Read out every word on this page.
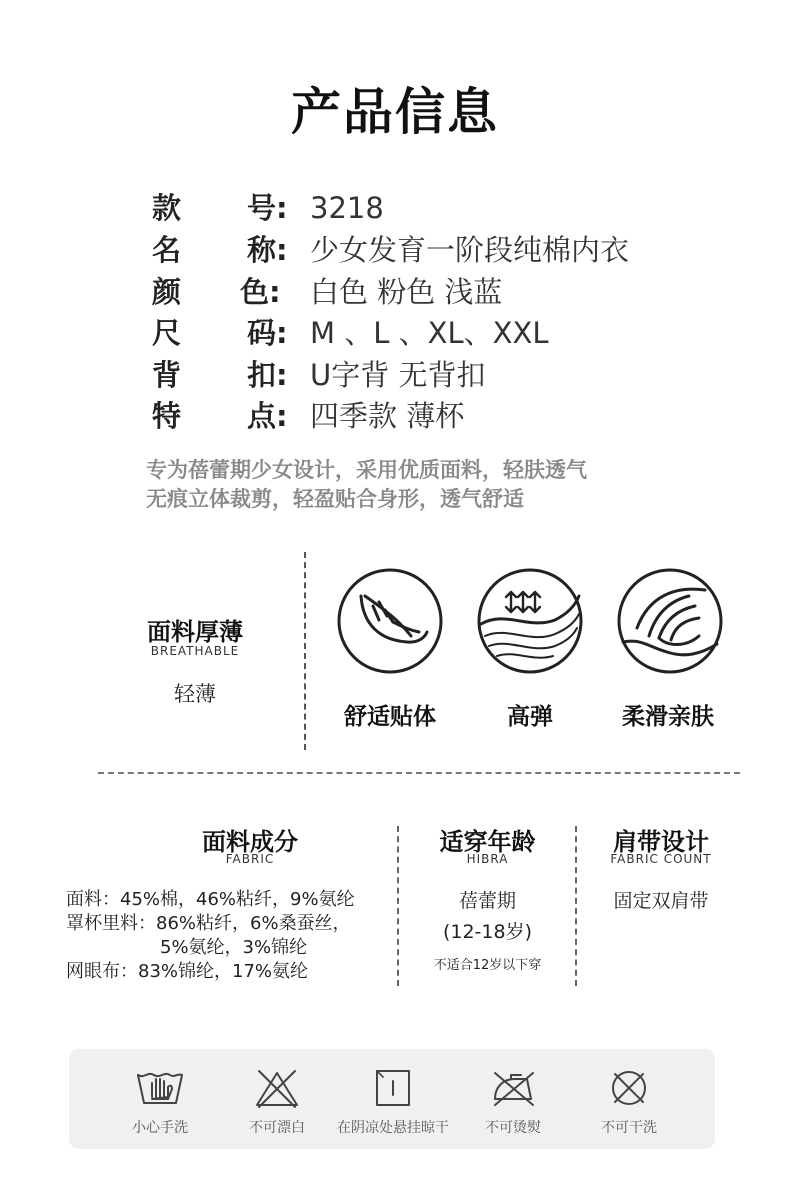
产品信息
款 号: 3218
名 称: 少女发育一阶段纯棉内衣
颜 色: 白色 粉色 浅蓝
尺 码: M 、L 、XL、XXL
背 扣: U字背 无背扣
特 点: 四季款 薄杯
专为蓓蕾期少女设计，采用优质面料，轻肤透气
无痕立体裁剪，轻盈贴合身形，透气舒适
面料厚薄
BREATHABLE
轻薄
舒适贴体	高弹	柔滑亲肤
面料成分
FABRIC
面料：45%棉，46%粘纤，9%氨纶
罩杯里料：86%粘纤，6%桑蚕丝，
5%氨纶，3%锦纶
网眼布：83%锦纶，17%氨纶
适穿年龄
HIBRA
蓓蕾期
(12-18岁)
不适合12岁以下穿
肩带设计
FABRIC COUNT
固定双肩带
小心手洗	不可漂白	在阴凉处悬挂晾干	不可烫熨	不可干洗
